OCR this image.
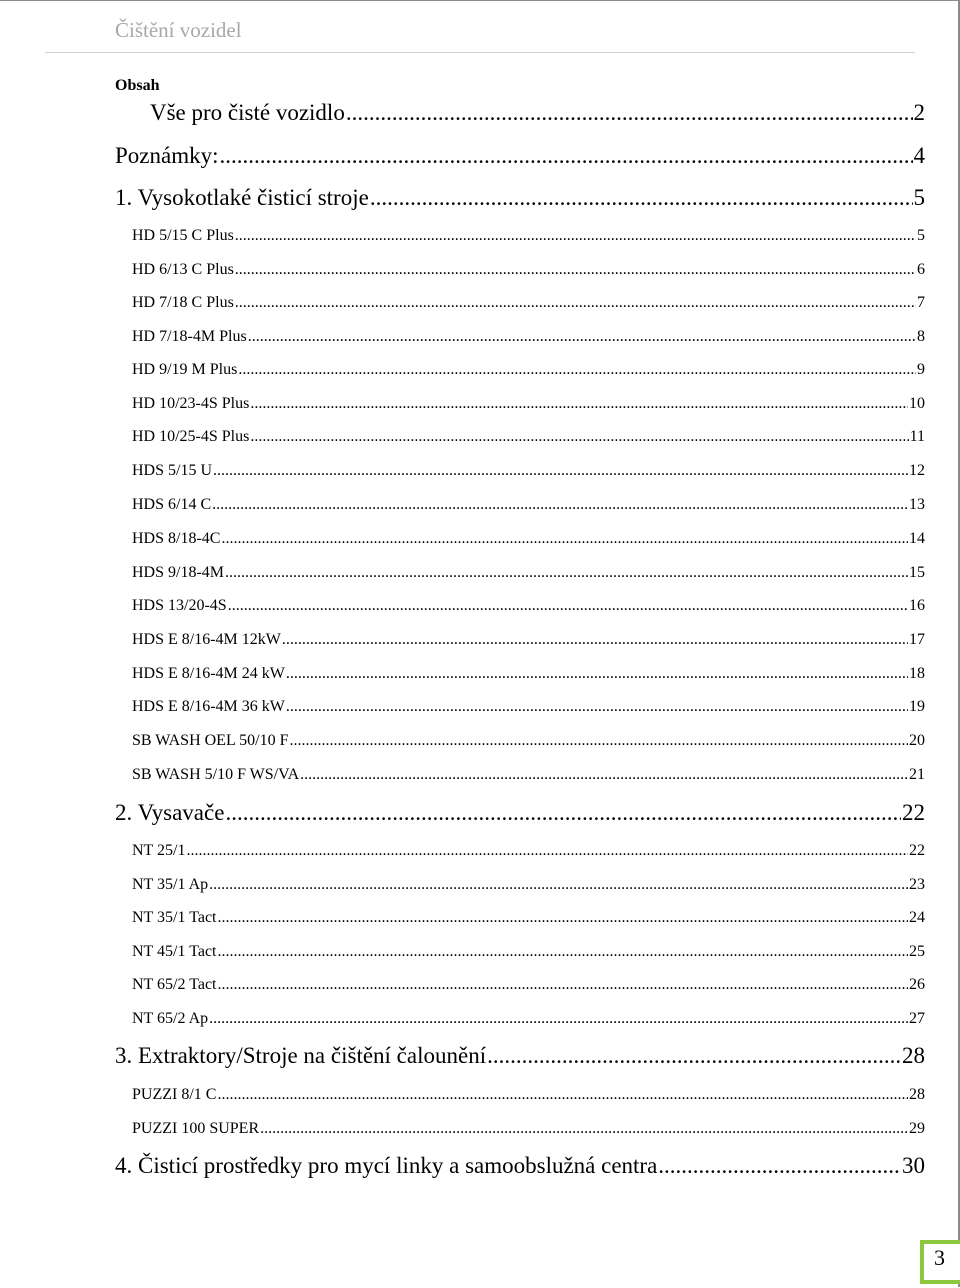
Čištění vozidel
Obsah
Vše pro čisté vozidlo .....	2
Poznámky: .....	4
1. Vysokotlaké čisticí stroje .....	5
HD 5/15 C Plus .....	5
HD 6/13 C Plus .....	6
HD 7/18 C Plus .....	7
HD 7/18-4M Plus .....	8
HD 9/19 M Plus .....	9
HD 10/23-4S Plus .....	10
HD 10/25-4S Plus .....	11
HDS 5/15 U .....	12
HDS 6/14 C .....	13
HDS 8/18-4C .....	14
HDS 9/18-4M .....	15
HDS 13/20-4S .....	16
HDS E 8/16-4M 12kW .....	17
HDS E 8/16-4M 24 kW .....	18
HDS E 8/16-4M 36 kW .....	19
SB WASH OEL 50/10 F .....	20
SB WASH 5/10 F WS/VA .....	21
2. Vysavače .....	22
NT 25/1 .....	22
NT 35/1 Ap .....	23
NT 35/1 Tact .....	24
NT 45/1 Tact .....	25
NT 65/2 Tact .....	26
NT 65/2 Ap .....	27
3. Extraktory/Stroje na čištění čalounění .....	28
PUZZI 8/1 C .....	28
PUZZI 100 SUPER .....	29
4. Čisticí prostředky pro mycí linky a samoobslužná centra .....	30
3
